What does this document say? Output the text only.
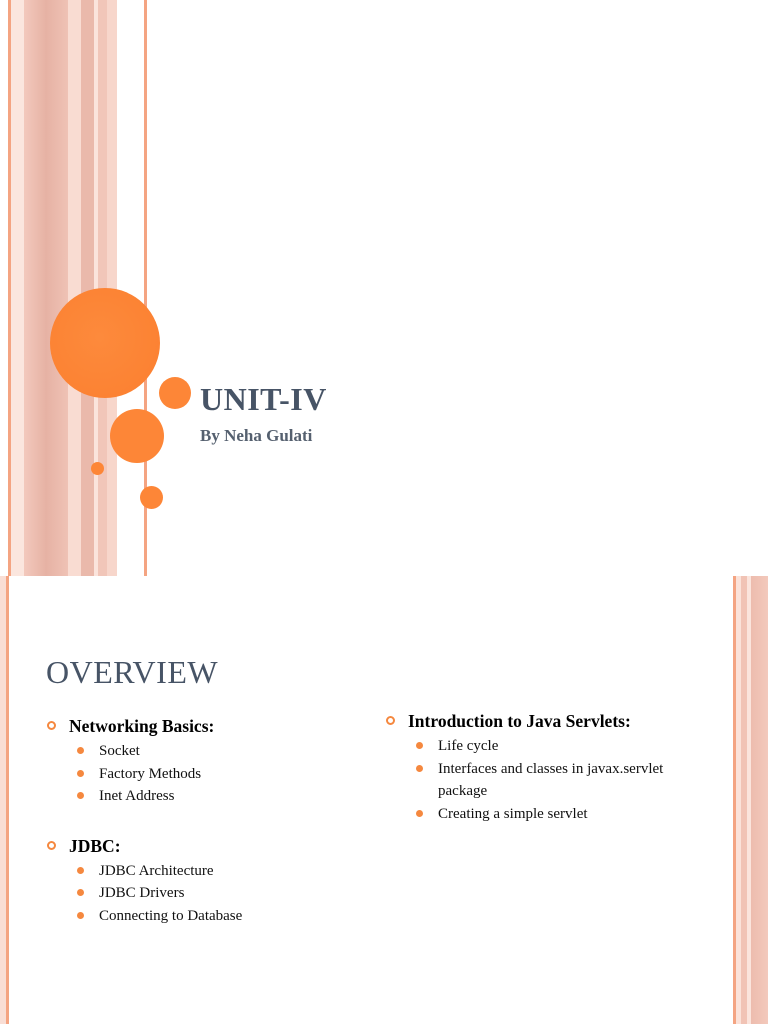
UNIT-IV
By Neha Gulati
OVERVIEW
Networking Basics:
Socket
Factory Methods
Inet Address
JDBC:
JDBC Architecture
JDBC Drivers
Connecting to Database
Introduction to Java Servlets:
Life cycle
Interfaces and classes in javax.servlet package
Creating a simple servlet
